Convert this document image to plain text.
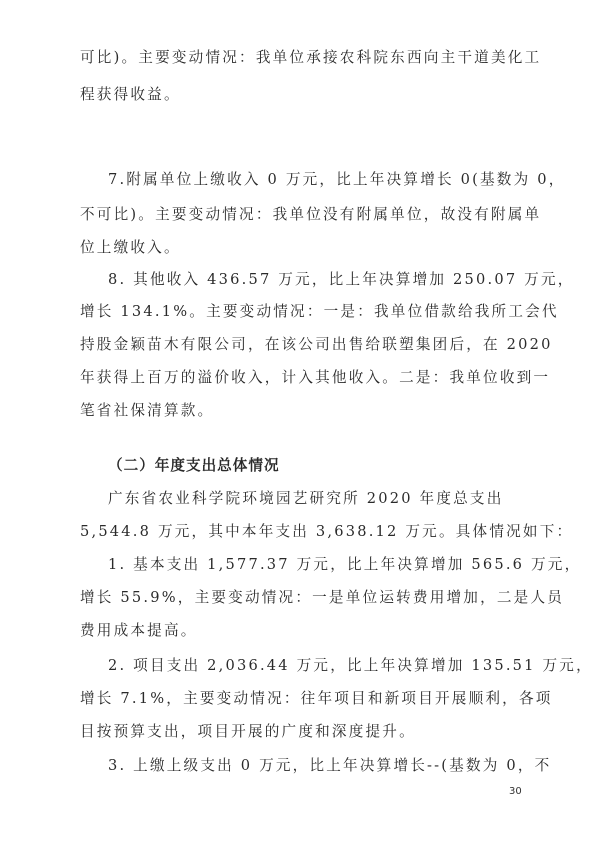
可比)。主要变动情况：我单位承接农科院东西向主干道美化工
程获得收益。
7.附属单位上缴收入 0 万元，比上年决算增长 0(基数为 0，
不可比)。主要变动情况：我单位没有附属单位，故没有附属单
位上缴收入。
8. 其他收入 436.57 万元，比上年决算增加 250.07 万元，
增长 134.1%。主要变动情况：一是：我单位借款给我所工会代
持股金颖苗木有限公司，在该公司出售给联塑集团后，在 2020
年获得上百万的溢价收入，计入其他收入。二是：我单位收到一
笔省社保清算款。
（二）年度支出总体情况
广东省农业科学院环境园艺研究所 2020 年度总支出
5,544.8 万元，其中本年支出 3,638.12 万元。具体情况如下：
1. 基本支出 1,577.37 万元，比上年决算增加 565.6 万元，
增长 55.9%，主要变动情况：一是单位运转费用增加，二是人员
费用成本提高。
2. 项目支出 2,036.44 万元，比上年决算增加 135.51 万元，
增长 7.1%，主要变动情况：往年项目和新项目开展顺利，各项
目按预算支出，项目开展的广度和深度提升。
3. 上缴上级支出 0 万元，比上年决算增长--(基数为 0，不
30
